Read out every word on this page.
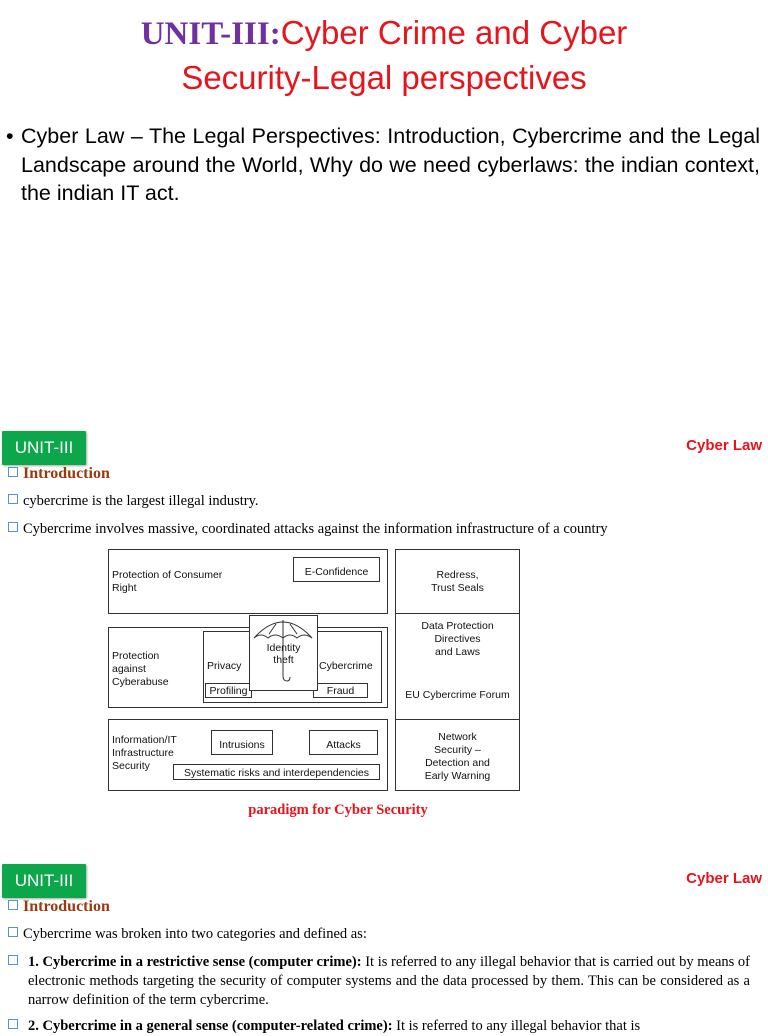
UNIT-III:Cyber Crime and Cyber
Security-Legal perspectives
• Cyber Law – The Legal Perspectives: Introduction, Cybercrime and the Legal Landscape around the World, Why do we need cyberlaws: the indian context, the indian IT act.
UNIT-III	Cyber Law
Introduction
cybercrime is the largest illegal industry.
Cybercrime involves massive, coordinated attacks against the information infrastructure of a country
Protection of Consumer
Right
E-Confidence	Redress,
Trust Seals
Data Protection
Directives
and Laws
Protection
against
Cyberabuse
Privacy
Profiling
Identity
theft Cybercrime
Fraud	EU Cybercrime Forum
Information/IT
Infrastructure
Security
Intrusions	Attacks
Systematic risks and interdependencies
Network
Security –
Detection and
Early Warning
paradigm for Cyber Security
UNIT-III	Cyber Law
Introduction
Cybercrime was broken into two categories and defined as:
1. Cybercrime in a restrictive sense (computer crime): It is referred to any illegal behavior that is carried out by means of electronic methods targeting the security of computer systems and the data processed by them. This can be considered as a narrow definition of the term cybercrime.
2. Cybercrime in a general sense (computer-related crime): It is referred to any illegal behavior that is
